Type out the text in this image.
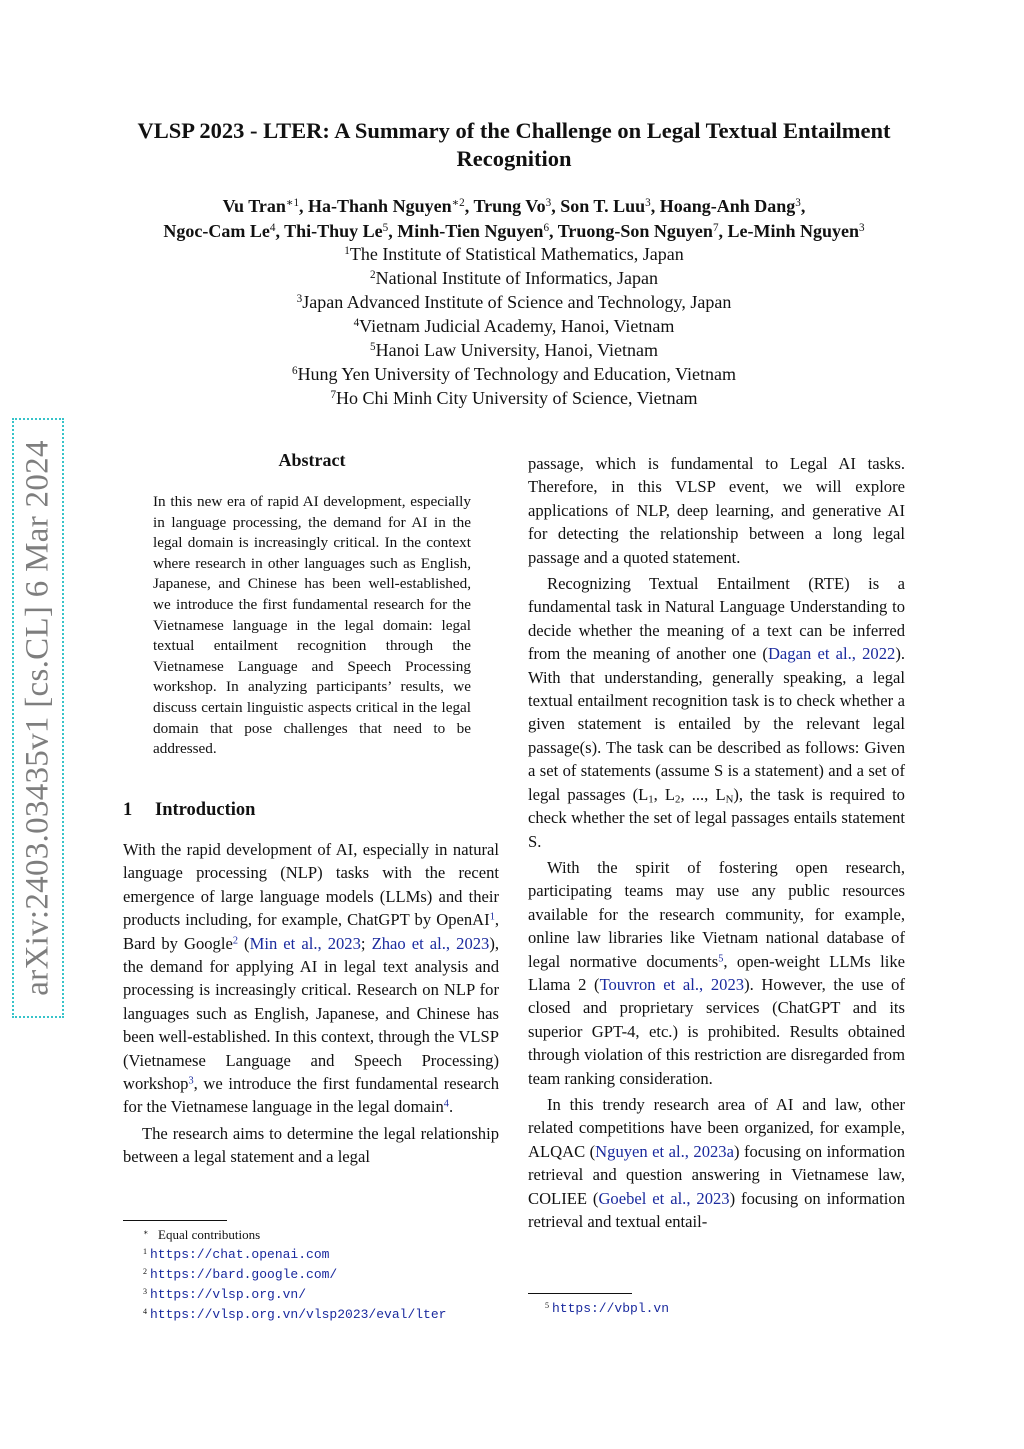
arXiv:2403.03435v1 [cs.CL] 6 Mar 2024
VLSP 2023 - LTER: A Summary of the Challenge on Legal Textual Entailment Recognition
Vu Tran$^{∗1}$, Ha-Thanh Nguyen$^{∗2}$, Trung Vo$^3$, Son T. Luu$^3$, Hoang-Anh Dang$^3$,
Ngoc-Cam Le$^4$, Thi-Thuy Le$^5$, Minh-Tien Nguyen$^6$, Truong-Son Nguyen$^7$, Le-Minh Nguyen$^3$
$^1$The Institute of Statistical Mathematics, Japan
$^2$National Institute of Informatics, Japan
$^3$Japan Advanced Institute of Science and Technology, Japan
$^4$Vietnam Judicial Academy, Hanoi, Vietnam
$^5$Hanoi Law University, Hanoi, Vietnam
$^6$Hung Yen University of Technology and Education, Vietnam
$^7$Ho Chi Minh City University of Science, Vietnam
Abstract
In this new era of rapid AI development, especially in language processing, the demand for AI in the legal domain is increasingly critical. In the context where research in other languages such as English, Japanese, and Chinese has been well-established, we introduce the first fundamental research for the Vietnamese language in the legal domain: legal textual entailment recognition through the Vietnamese Language and Speech Processing workshop. In analyzing participants’ results, we discuss certain linguistic aspects critical in the legal domain that pose challenges that need to be addressed.
1 Introduction

With the rapid development of AI, especially in natural language processing (NLP) tasks with the recent emergence of large language models (LLMs) and their products including, for example, ChatGPT by OpenAI$^1$, Bard by Google$^2$ (Min et al., 2023; Zhao et al., 2023), the demand for applying AI in legal text analysis and processing is increasingly critical. Research on NLP for languages such as English, Japanese, and Chinese has been well-established. In this context, through the VLSP (Vietnamese Language and Speech Processing) workshop$^3$, we introduce the first fundamental research for the Vietnamese language in the legal domain$^4$.

The research aims to determine the legal relationship between a legal statement and a legal

passage, which is fundamental to Legal AI tasks. Therefore, in this VLSP event, we will explore applications of NLP, deep learning, and generative AI for detecting the relationship between a long legal passage and a quoted statement.

Recognizing Textual Entailment (RTE) is a fundamental task in Natural Language Understanding to decide whether the meaning of a text can be inferred from the meaning of another one (Dagan et al., 2022). With that understanding, generally speaking, a legal textual entailment recognition task is to check whether a given statement is entailed by the relevant legal passage(s). The task can be described as follows: Given a set of statements (assume S is a statement) and a set of legal passages ($L_1$, $L_2$, ..., $L_N$), the task is required to check whether the set of legal passages entails statement S.

With the spirit of fostering open research, participating teams may use any public resources available for the research community, for example, online law libraries like Vietnam national database of legal normative documents$^5$, open-weight LLMs like Llama 2 (Touvron et al., 2023). However, the use of closed and proprietary services (ChatGPT and its superior GPT-4, etc.) is prohibited. Results obtained through violation of this restriction are disregarded from team ranking consideration.

In this trendy research area of AI and law, other related competitions have been organized, for example, ALQAC (Nguyen et al., 2023a) focusing on information retrieval and question answering in Vietnamese law, COLIEE (Goebel et al., 2023) focusing on information retrieval and textual entail-

∗ Equal contributions
$^1$ https://chat.openai.com
$^2$ https://bard.google.com/
$^3$ https://vlsp.org.vn/
$^4$ https://vlsp.org.vn/vlsp2023/eval/lter
$^5$ https://vbpl.vn
